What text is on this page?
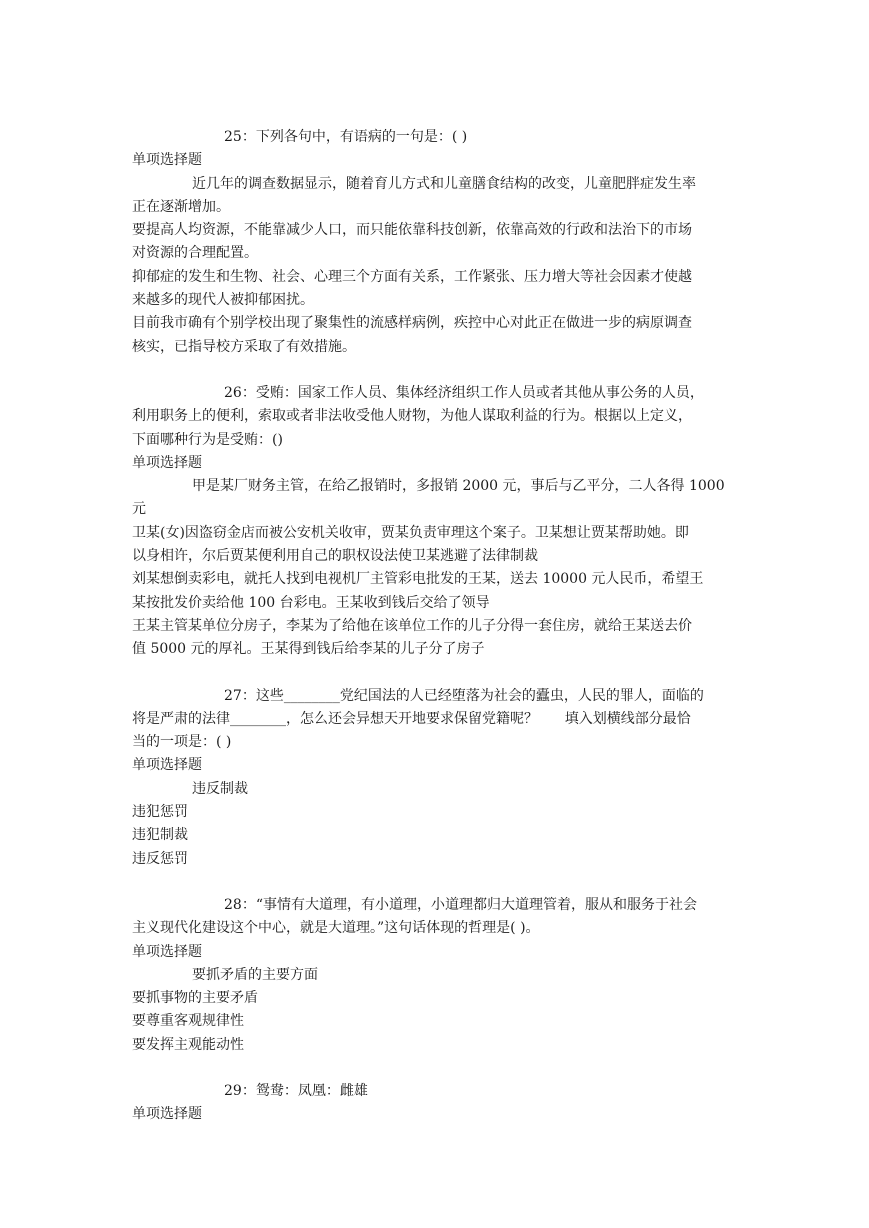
25：下列各句中，有语病的一句是：( )
单项选择题
近几年的调查数据显示，随着育儿方式和儿童膳食结构的改变，儿童肥胖症发生率
正在逐渐增加。
要提高人均资源，不能靠减少人口，而只能依靠科技创新，依靠高效的行政和法治下的市场
对资源的合理配置。
抑郁症的发生和生物、社会、心理三个方面有关系，工作紧张、压力增大等社会因素才使越
来越多的现代人被抑郁困扰。
目前我市确有个别学校出现了聚集性的流感样病例，疾控中心对此正在做进一步的病原调查
核实，已指导校方采取了有效措施。
26：受贿：国家工作人员、集体经济组织工作人员或者其他从事公务的人员，
利用职务上的便利，索取或者非法收受他人财物，为他人谋取利益的行为。根据以上定义，
下面哪种行为是受贿：()
单项选择题
甲是某厂财务主管，在给乙报销时，多报销 2000 元，事后与乙平分，二人各得 1000
元
卫某(女)因盗窃金店而被公安机关收审，贾某负责审理这个案子。卫某想让贾某帮助她。即
以身相许，尔后贾某便利用自己的职权设法使卫某逃避了法律制裁
刘某想倒卖彩电，就托人找到电视机厂主管彩电批发的王某，送去 10000 元人民币，希望王
某按批发价卖给他 100 台彩电。王某收到钱后交给了领导
王某主管某单位分房子，李某为了给他在该单位工作的儿子分得一套住房，就给王某送去价
值 5000 元的厚礼。王某得到钱后给李某的儿子分了房子
27：这些________党纪国法的人已经堕落为社会的蠹虫，人民的罪人，面临的
将是严肃的法律________，怎么还会异想天开地要求保留党籍呢？      填入划横线部分最恰
当的一项是：( )
单项选择题
违反制裁
违犯惩罚
违犯制裁
违反惩罚
28：“事情有大道理，有小道理，小道理都归大道理管着，服从和服务于社会
主义现代化建设这个中心，就是大道理。”这句话体现的哲理是( )。
单项选择题
要抓矛盾的主要方面
要抓事物的主要矛盾
要尊重客观规律性
要发挥主观能动性
29：鸳鸯：凤凰：雌雄
单项选择题
